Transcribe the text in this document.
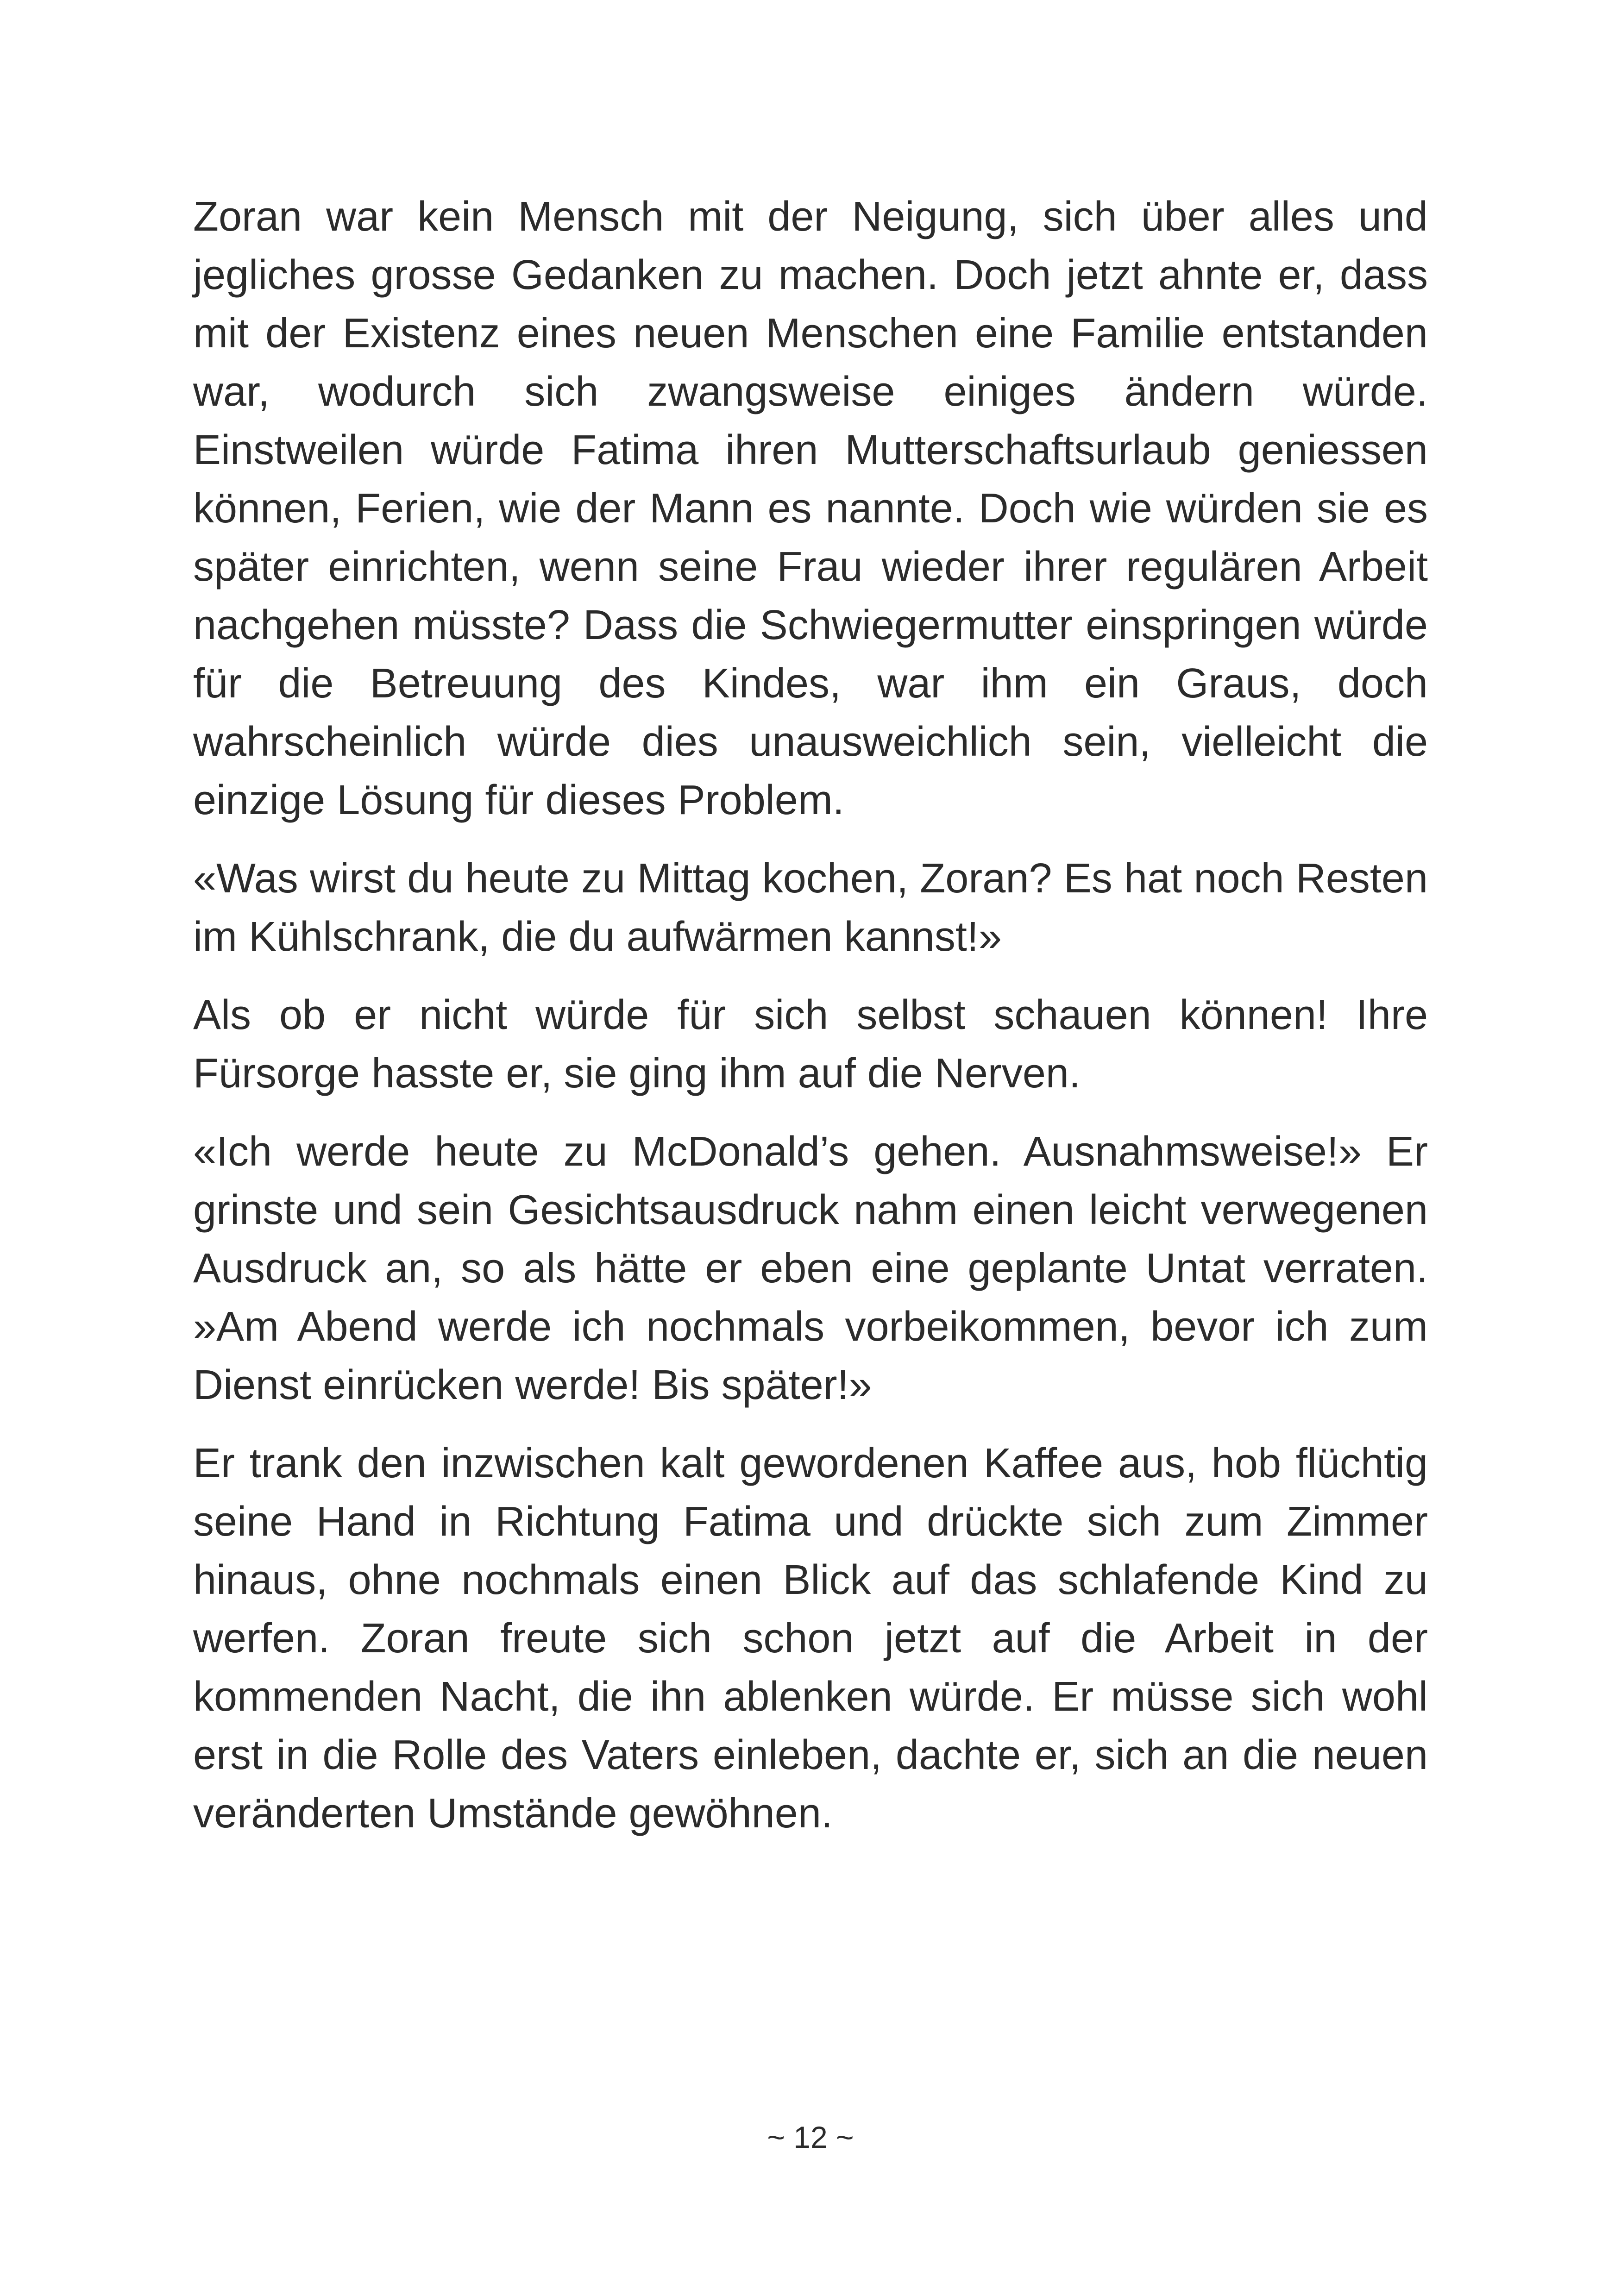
Zoran war kein Mensch mit der Neigung, sich über alles und jegliches grosse Gedanken zu machen. Doch jetzt ahnte er, dass mit der Existenz eines neuen Menschen eine Familie entstanden war, wodurch sich zwangsweise einiges ändern würde. Einstweilen würde Fatima ihren Mutterschaftsurlaub geniessen können, Ferien, wie der Mann es nannte. Doch wie würden sie es später einrichten, wenn seine Frau wieder ihrer regulären Arbeit nachgehen müsste? Dass die Schwiegermutter einspringen würde für die Betreuung des Kindes, war ihm ein Graus, doch wahrscheinlich würde dies unausweichlich sein, vielleicht die einzige Lösung für dieses Problem.

«Was wirst du heute zu Mittag kochen, Zoran? Es hat noch Resten im Kühlschrank, die du aufwärmen kannst!»

Als ob er nicht würde für sich selbst schauen können! Ihre Fürsorge hasste er, sie ging ihm auf die Nerven.

«Ich werde heute zu McDonald’s gehen. Ausnahmsweise!» Er grinste und sein Gesichtsausdruck nahm einen leicht verwegenen Ausdruck an, so als hätte er eben eine geplante Untat verraten. »Am Abend werde ich nochmals vorbeikommen, bevor ich zum Dienst einrücken werde! Bis später!»

Er trank den inzwischen kalt gewordenen Kaffee aus, hob flüchtig seine Hand in Richtung Fatima und drückte sich zum Zimmer hinaus, ohne nochmals einen Blick auf das schlafende Kind zu werfen. Zoran freute sich schon jetzt auf die Arbeit in der kommenden Nacht, die ihn ablenken würde. Er müsse sich wohl erst in die Rolle des Vaters einleben, dachte er, sich an die neuen veränderten Umstände gewöhnen.

~ 12 ~
